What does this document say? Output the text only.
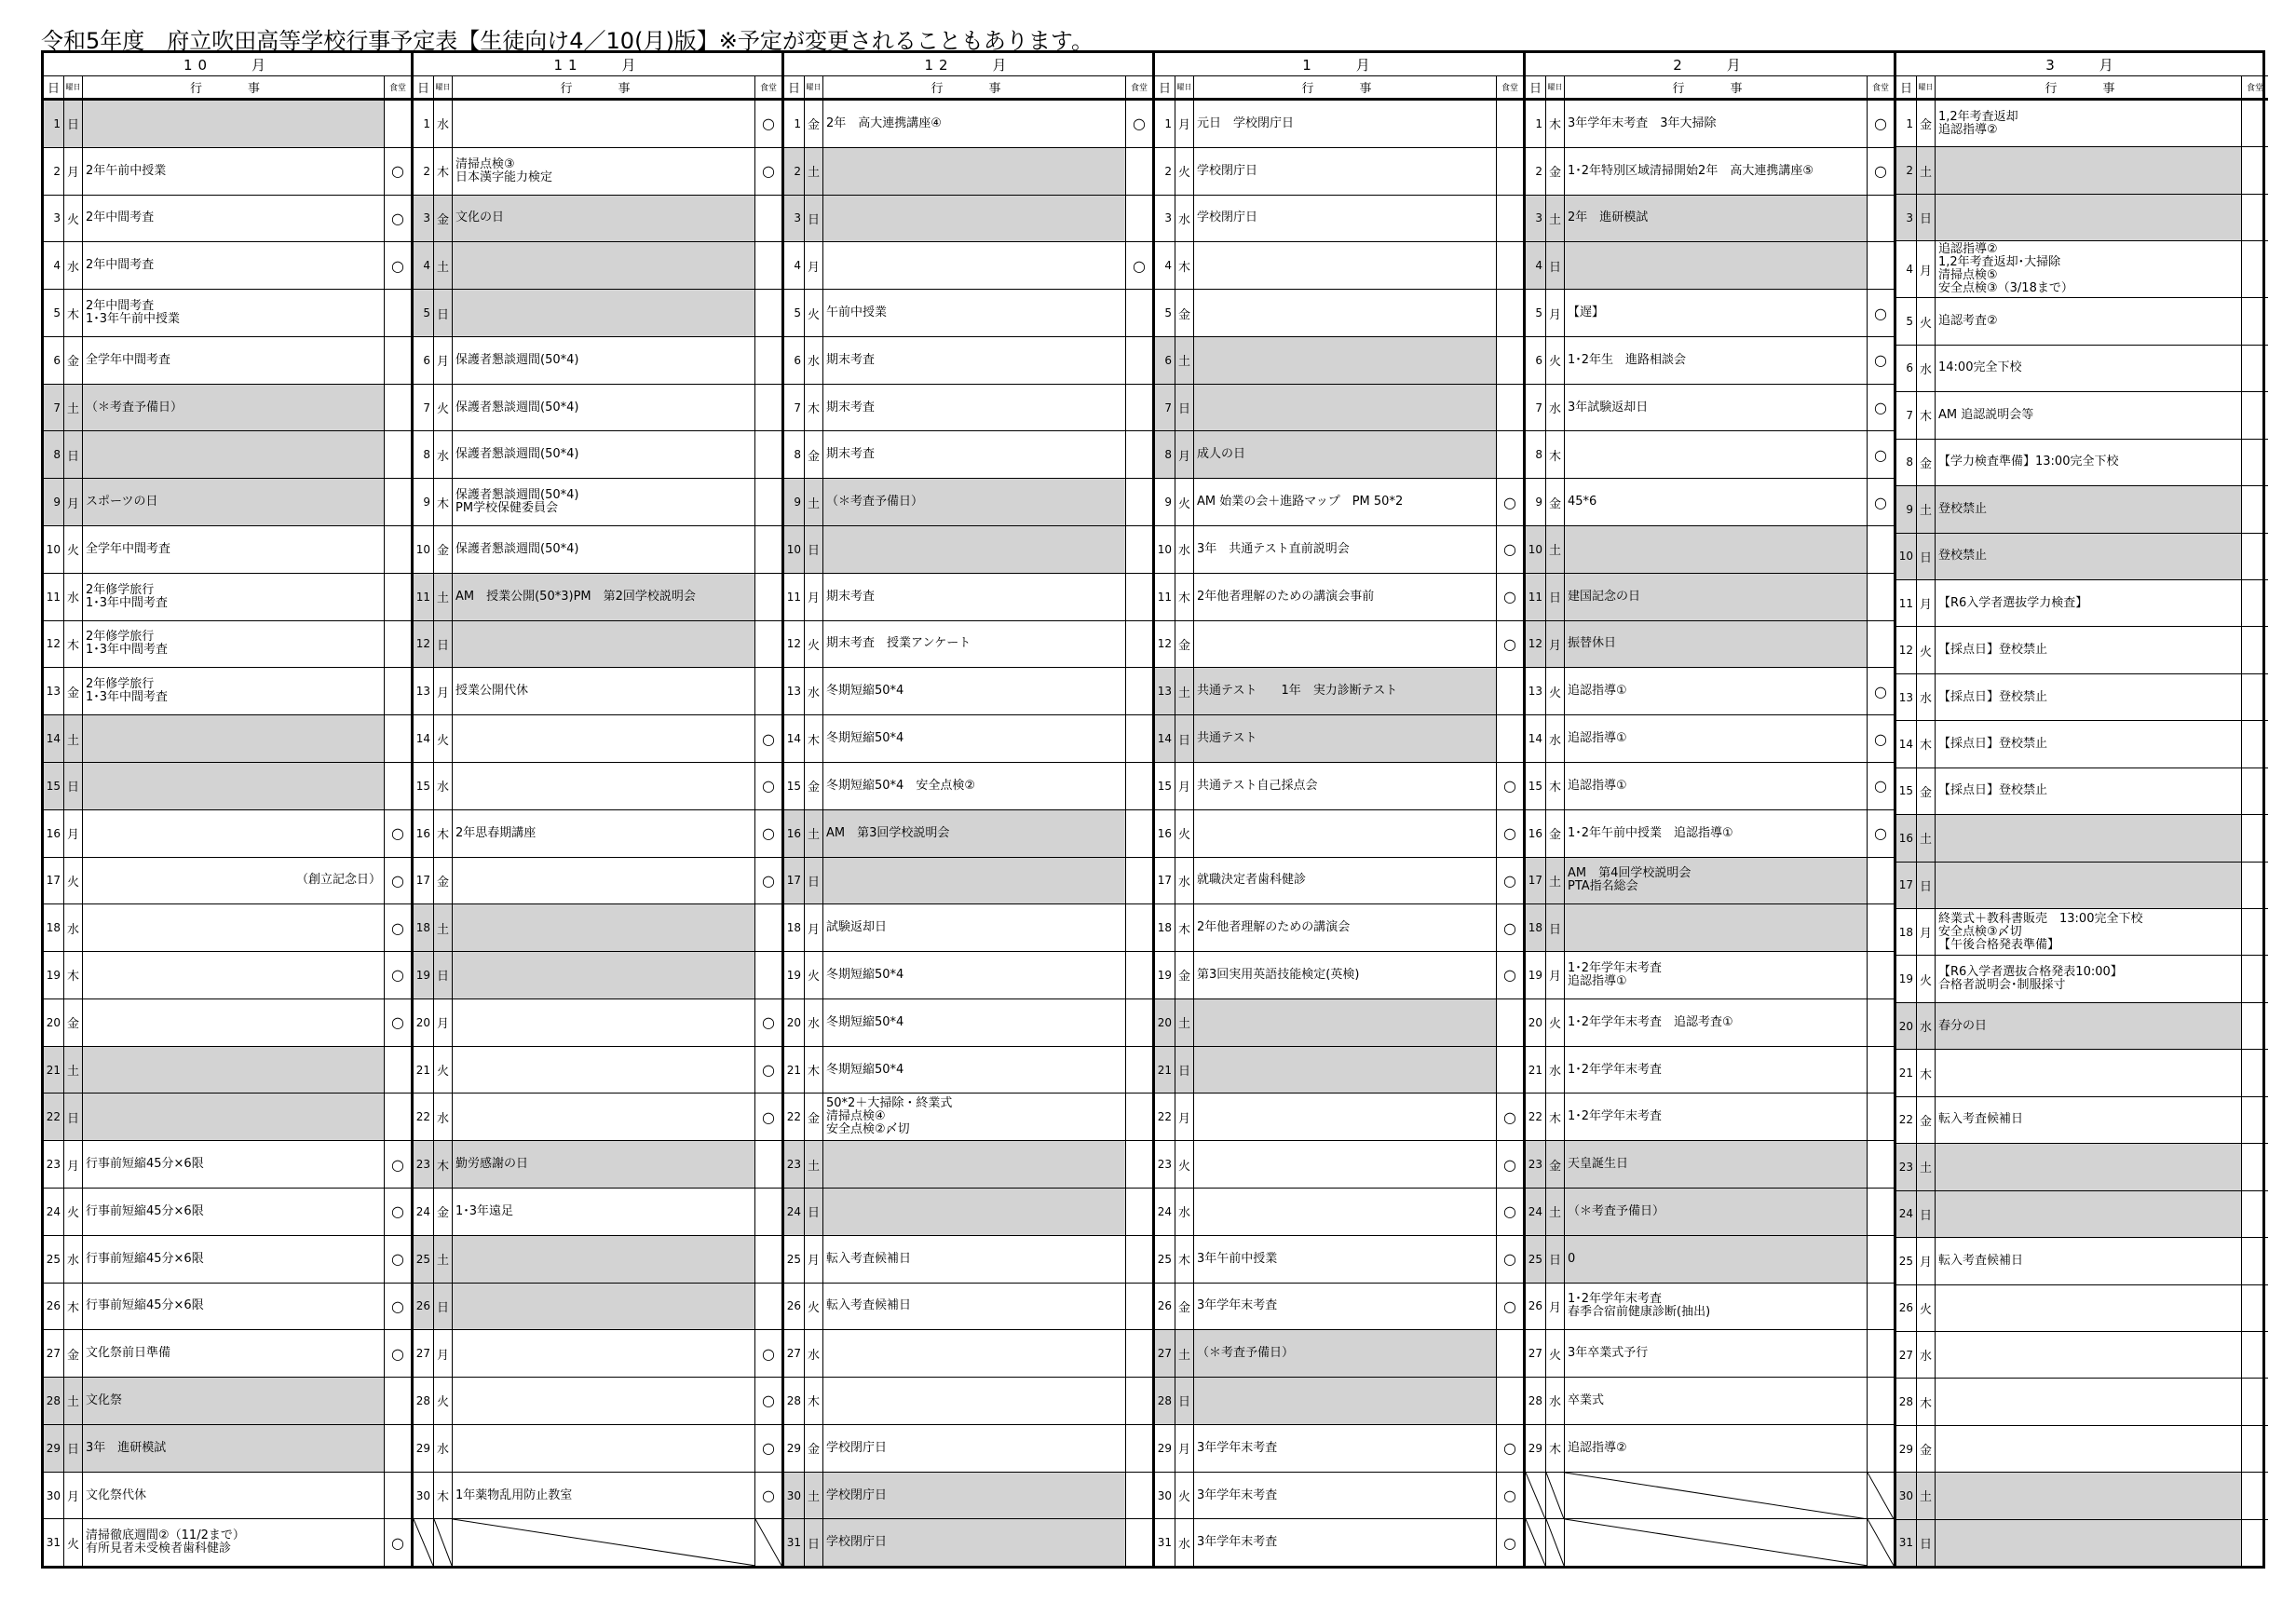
令和5年度　府立吹田高等学校行事予定表【生徒向け4／10(月)版】※予定が変更されることもあります。
10　　月
日 曜日	行　事	食堂
1 日
2 月 2年午前中授業	○
3 火 2年中間考査	○
4 水 2年中間考査	○
5 木
2年中間考査
1･3年午前中授業
6 金 全学年中間考査
7 土 （＊考査予備日）
8 日
9 月 スポーツの日
10 火 全学年中間考査
11 水
2年修学旅行
1･3年中間考査
12 木
2年修学旅行
1･3年中間考査
13 金
2年修学旅行
1･3年中間考査
14 土
15 日
16 月	○
17 火	（創立記念日） ○
18 水	○
19 木	○
20 金	○
21 土
22 日
23 月 行事前短縮45分×6限	○
24 火 行事前短縮45分×6限	○
25 水 行事前短縮45分×6限	○
26 木 行事前短縮45分×6限	○
27 金 文化祭前日準備	○
28 土 文化祭
29 日 3年　進研模試
30 月 文化祭代休
31 火
清掃徹底週間②（11/2まで）
有所見者未受検者歯科健診	○
11　　月
日 曜日	行　事	食堂
1 水	○
2 木
清掃点検③
日本漢字能力検定	○
3 金 文化の日
4 土
5 日
6 月 保護者懇談週間(50*4)
7 火 保護者懇談週間(50*4)
8 水 保護者懇談週間(50*4)
9 木
保護者懇談週間(50*4)
PM学校保健委員会
10 金 保護者懇談週間(50*4)
11 土 AM　授業公開(50*3)PM　第2回学校説明会
12 日
13 月 授業公開代休
14 火	○
15 水	○
16 木 2年思春期講座	○
17 金	○
18 土
19 日
20 月	○
21 火	○
22 水	○
23 木 勤労感謝の日
24 金 1･3年遠足
25 土
26 日
27 月	○
28 火	○
29 水	○
30 木 1年薬物乱用防止教室	○
12　　月
日 曜日	行　事	食堂
1 金 2年　高大連携講座④	○
2 土
3 日
4 月	○
5 火 午前中授業
6 水 期末考査
7 木 期末考査
8 金 期末考査
9 土 （＊考査予備日）
10 日
11 月 期末考査
12 火 期末考査　授業アンケート
13 水 冬期短縮50*4
14 木 冬期短縮50*4
15 金 冬期短縮50*4　安全点検②
16 土 AM　第3回学校説明会
17 日
18 月 試験返却日
19 火 冬期短縮50*4
20 水 冬期短縮50*4
21 木 冬期短縮50*4
22 金
50*2＋大掃除・終業式
清掃点検④
安全点検②〆切
23 土
24 日
25 月 転入考査候補日
26 火 転入考査候補日
27 水
28 木
29 金 学校閉庁日
30 土 学校閉庁日
31 日 学校閉庁日
1　　月
日 曜日	行　事	食堂
1 月 元日　学校閉庁日
2 火 学校閉庁日
3 水 学校閉庁日
4 木
5 金
6 土
7 日
8 月 成人の日
9 火 AM 始業の会＋進路マップ　PM 50*2	○
10 水 3年　共通テスト直前説明会	○
11 木 2年他者理解のための講演会事前	○
12 金	○
13 土 共通テスト　　1年　実力診断テスト
14 日 共通テスト
15 月 共通テスト自己採点会	○
16 火	○
17 水 就職決定者歯科健診	○
18 木 2年他者理解のための講演会	○
19 金 第3回実用英語技能検定(英検)	○
20 土
21 日
22 月	○
23 火	○
24 水	○
25 木 3年午前中授業	○
26 金 3年学年末考査	○
27 土 （＊考査予備日）
28 日
29 月 3年学年末考査	○
30 火 3年学年末考査	○
31 水 3年学年末考査	○
2　　月
日 曜日	行　事	食堂
1 木 3年学年末考査　3年大掃除	○
2 金 1･2年特別区域清掃開始2年　高大連携講座⑤	○
3 土 2年　進研模試
4 日
5 月 【遅】	○
6 火 1･2年生　進路相談会	○
7 水 3年試験返却日	○
8 木	○
9 金 45*6	○
10 土
11 日 建国記念の日
12 月 振替休日
13 火 追認指導①	○
14 水 追認指導①	○
15 木 追認指導①	○
16 金 1･2年午前中授業　追認指導①	○
17 土
AM　第4回学校説明会
PTA指名総会
18 日
19 月
1･2年学年末考査
追認指導①
20 火 1･2年学年末考査　追認考査①
21 水 1･2年学年末考査
22 木 1･2年学年末考査
23 金 天皇誕生日
24 土 （＊考査予備日）
25 日 0
26 月
1･2年学年末考査
春季合宿前健康診断(抽出)
27 火 3年卒業式予行
28 水 卒業式
29 木 追認指導②
3　　月
日 曜日	行　事	食堂
1 金
1,2年考査返却
追認指導②
2 土
3 日
4 月
追認指導②
1,2年考査返却･大掃除
清掃点検⑤
安全点検③（3/18まで）
5 火 追認考査②
6 水 14:00完全下校
7 木 AM 追認説明会等
8 金 【学力検査準備】13:00完全下校
9 土 登校禁止
10 日 登校禁止
11 月 【R6入学者選抜学力検査】
12 火 【採点日】登校禁止
13 水 【採点日】登校禁止
14 木 【採点日】登校禁止
15 金 【採点日】登校禁止
16 土
17 日
18 月
終業式＋教科書販売　13:00完全下校
安全点検③〆切
【午後合格発表準備】
19 火
【R6入学者選抜合格発表10:00】
合格者説明会･制服採寸
20 水 春分の日
21 木
22 金 転入考査候補日
23 土
24 日
25 月 転入考査候補日
26 火
27 水
28 木
29 金
30 土
31 日
